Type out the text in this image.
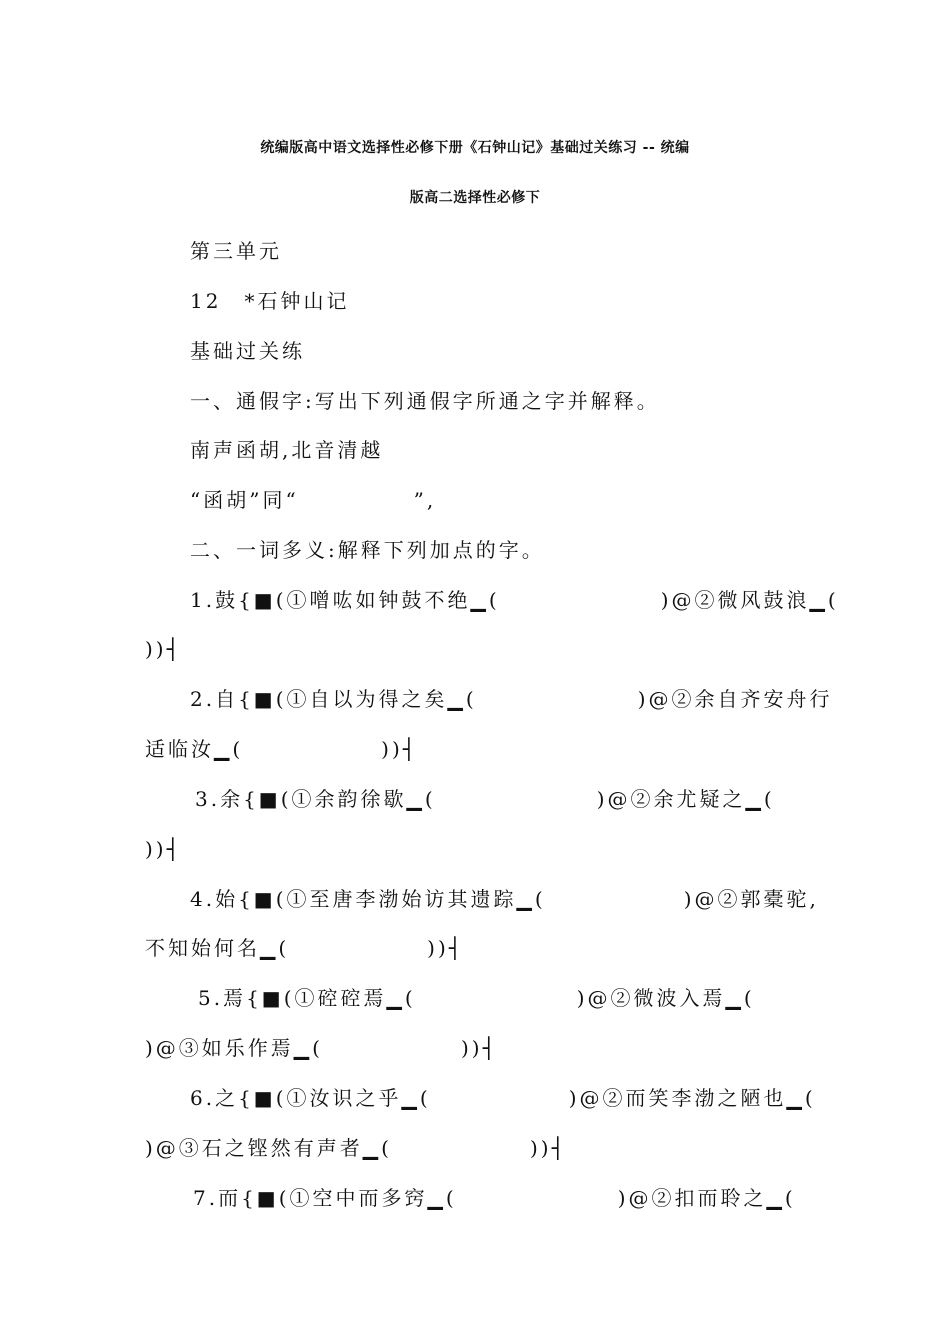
统编版高中语文选择性必修下册《石钟山记》基础过关练习 -- 统编
版高二选择性必修下
第三单元
12　*石钟山记
基础过关练
一、通假字:写出下列通假字所通之字并解释。
南声函胡,北音清越
“函胡”同“　　　　　”,
二、一词多义:解释下列加点的字。
1.鼓{■(①噌吰如钟鼓不绝▁(　　　　　　　)@②微风鼓浪▁(
))┤
2.自{■(①自以为得之矣▁(　　　　　　　)@②余自齐安舟行
适临汝▁(　　　　　　))┤
3.余{■(①余韵徐歇▁(　　　　　　　)@②余尤疑之▁(
))┤
4.始{■(①至唐李渤始访其遗踪▁(　　　　　　)@②郭橐驼,
不知始何名▁(　　　　　　))┤
5.焉{■(①硿硿焉▁(　　　　　　　)@②微波入焉▁(
)@③如乐作焉▁(　　　　　　))┤
6.之{■(①汝识之乎▁(　　　　　　)@②而笑李渤之陋也▁(
)@③石之铿然有声者▁(　　　　　　))┤
7.而{■(①空中而多窍▁(　　　　　　　)@②扣而聆之▁(
